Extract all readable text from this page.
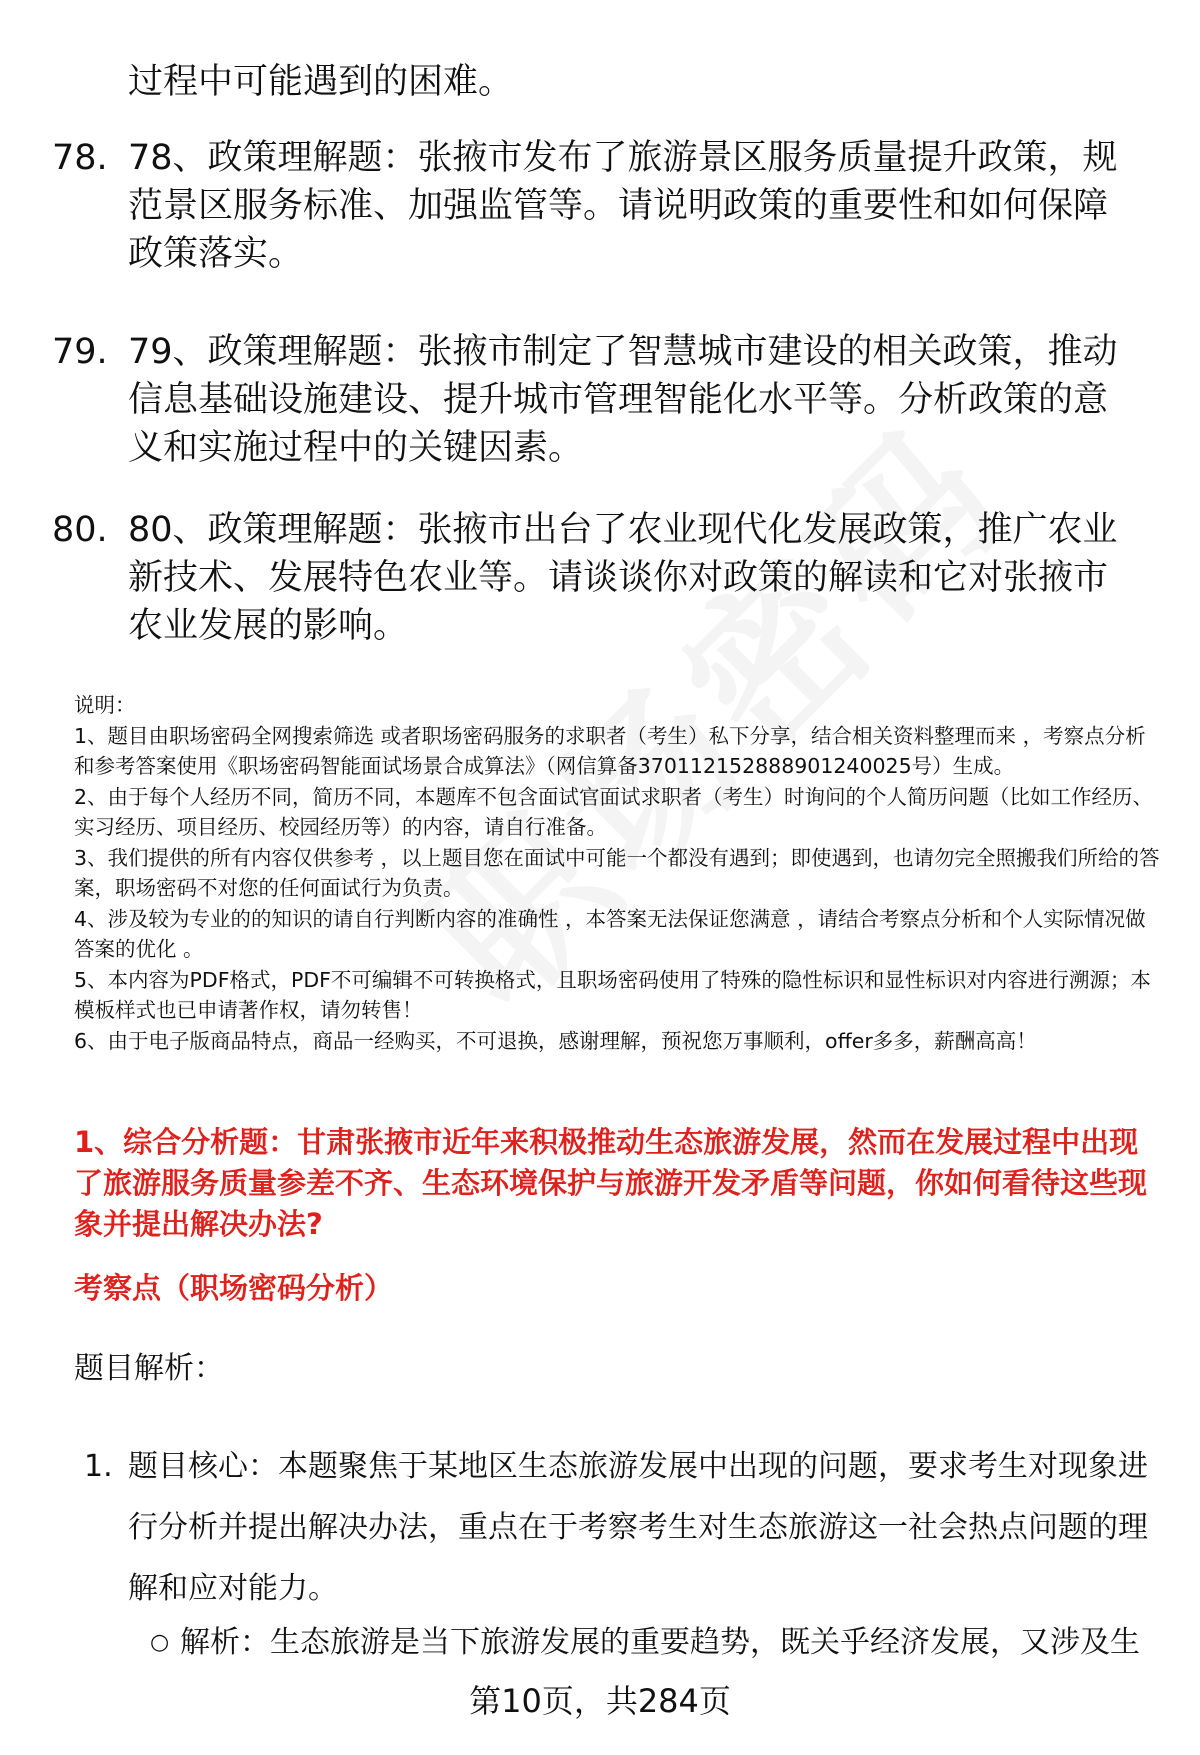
过程中可能遇到的困难。
78. 78、政策理解题：张掖市发布了旅游景区服务质量提升政策，规范景区服务标准、加强监管等。请说明政策的重要性和如何保障政策落实。
79. 79、政策理解题：张掖市制定了智慧城市建设的相关政策，推动信息基础设施建设、提升城市管理智能化水平等。分析政策的意义和实施过程中的关键因素。
80. 80、政策理解题：张掖市出台了农业现代化发展政策，推广农业新技术、发展特色农业等。请谈谈你对政策的解读和它对张掖市农业发展的影响。
说明：
1、题目由职场密码全网搜索筛选 或者职场密码服务的求职者（考生）私下分享，结合相关资料整理而来 ，考察点分析和参考答案使用《职场密码智能面试场景合成算法》（网信算备370112152888901240025号）生成。
2、由于每个人经历不同，简历不同，本题库不包含面试官面试求职者（考生）时询问的个人简历问题（比如工作经历、实习经历、项目经历、校园经历等）的内容，请自行准备。
3、我们提供的所有内容仅供参考 ，以上题目您在面试中可能一个都没有遇到；即使遇到，也请勿完全照搬我们所给的答案，职场密码不对您的任何面试行为负责。
4、涉及较为专业的的知识的请自行判断内容的准确性 ，本答案无法保证您满意 ，请结合考察点分析和个人实际情况做答案的优化 。
5、本内容为PDF格式，PDF不可编辑不可转换格式，且职场密码使用了特殊的隐性标识和显性标识对内容进行溯源；本模板样式也已申请著作权，请勿转售！
6、由于电子版商品特点，商品一经购买，不可退换，感谢理解，预祝您万事顺利，offer多多，薪酬高高！
1、综合分析题：甘肃张掖市近年来积极推动生态旅游发展，然而在发展过程中出现了旅游服务质量参差不齐、生态环境保护与旅游开发矛盾等问题，你如何看待这些现象并提出解决办法?
考察点（职场密码分析）
题目解析：
1. 题目核心：本题聚焦于某地区生态旅游发展中出现的问题，要求考生对现象进行分析并提出解决办法，重点在于考察考生对生态旅游这一社会热点问题的理解和应对能力。
○ 解析：生态旅游是当下旅游发展的重要趋势，既关乎经济发展，又涉及生
第10页，共284页
